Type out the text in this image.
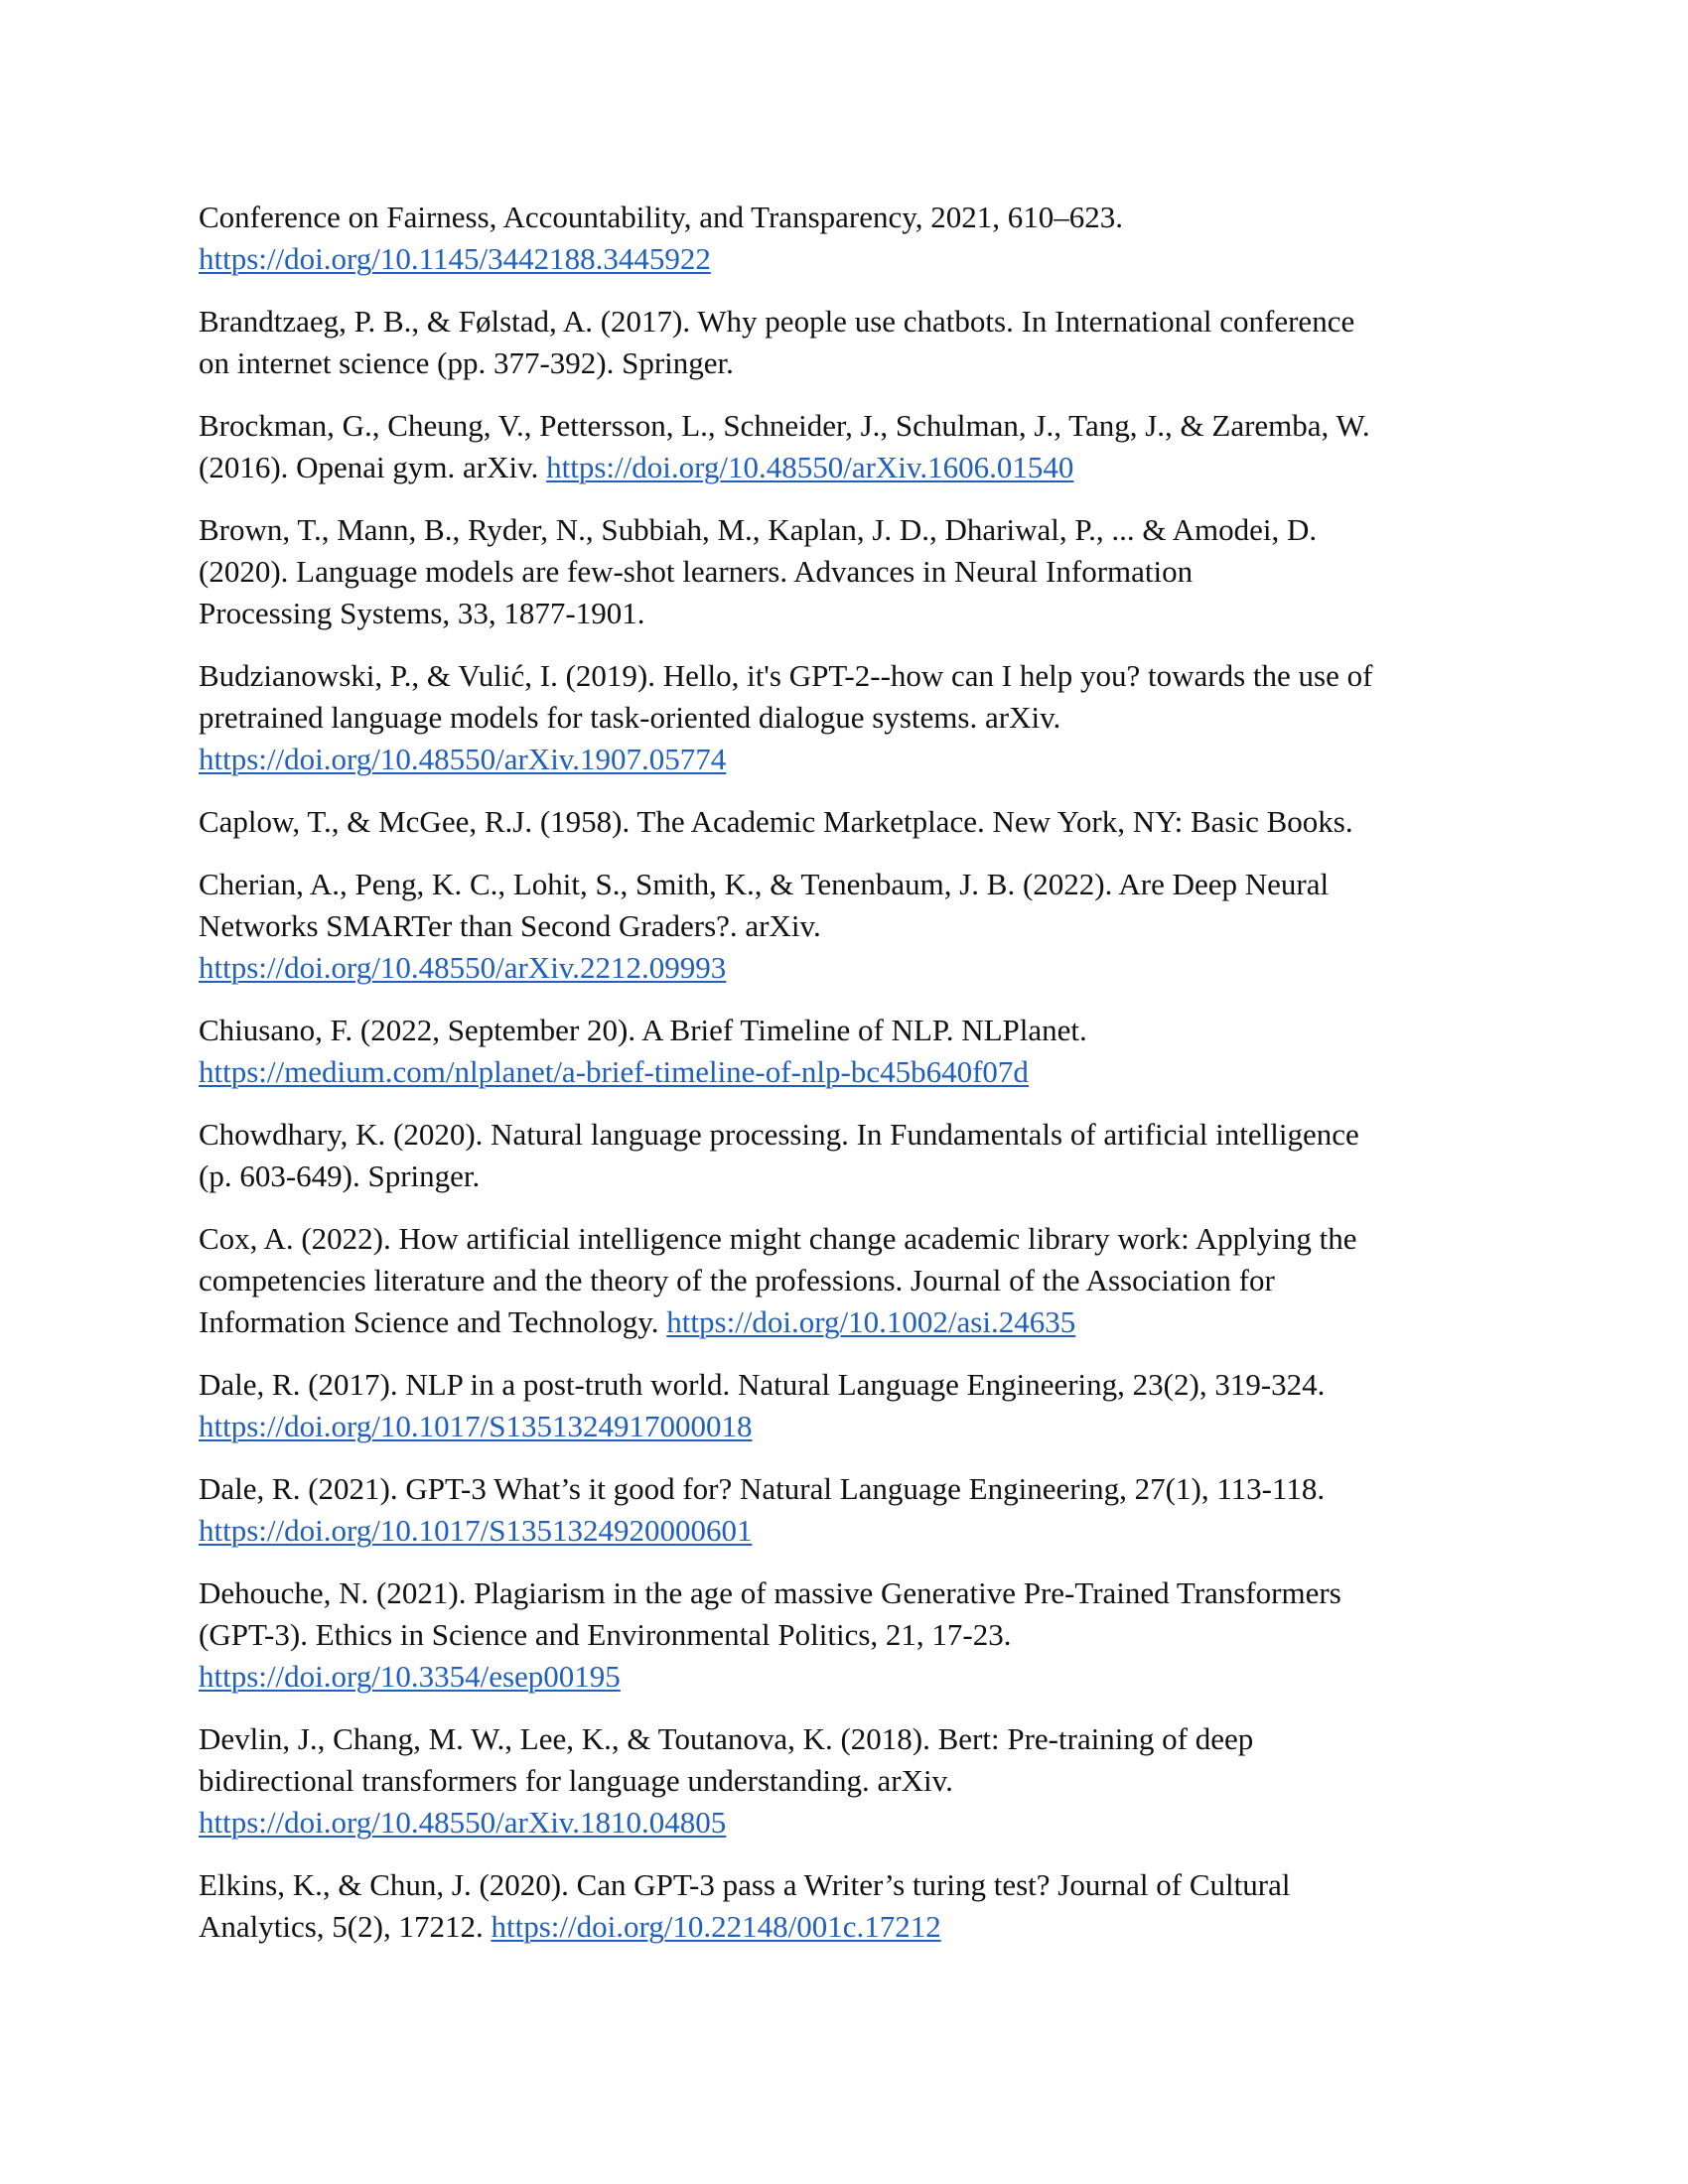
Conference on Fairness, Accountability, and Transparency, 2021, 610–623.
https://doi.org/10.1145/3442188.3445922
Brandtzaeg, P. B., & Følstad, A. (2017). Why people use chatbots. In International conference
on internet science (pp. 377-392). Springer.
Brockman, G., Cheung, V., Pettersson, L., Schneider, J., Schulman, J., Tang, J., & Zaremba, W.
(2016). Openai gym. arXiv. https://doi.org/10.48550/arXiv.1606.01540
Brown, T., Mann, B., Ryder, N., Subbiah, M., Kaplan, J. D., Dhariwal, P., ... & Amodei, D.
(2020). Language models are few-shot learners. Advances in Neural Information
Processing Systems, 33, 1877-1901.
Budzianowski, P., & Vulić, I. (2019). Hello, it's GPT-2--how can I help you? towards the use of
pretrained language models for task-oriented dialogue systems. arXiv.
https://doi.org/10.48550/arXiv.1907.05774
Caplow, T., & McGee, R.J. (1958). The Academic Marketplace. New York, NY: Basic Books.
Cherian, A., Peng, K. C., Lohit, S., Smith, K., & Tenenbaum, J. B. (2022). Are Deep Neural
Networks SMARTer than Second Graders?. arXiv.
https://doi.org/10.48550/arXiv.2212.09993
Chiusano, F. (2022, September 20). A Brief Timeline of NLP. NLPlanet.
https://medium.com/nlplanet/a-brief-timeline-of-nlp-bc45b640f07d
Chowdhary, K. (2020). Natural language processing. In Fundamentals of artificial intelligence
(p. 603-649). Springer.
Cox, A. (2022). How artificial intelligence might change academic library work: Applying the
competencies literature and the theory of the professions. Journal of the Association for
Information Science and Technology. https://doi.org/10.1002/asi.24635
Dale, R. (2017). NLP in a post-truth world. Natural Language Engineering, 23(2), 319-324.
https://doi.org/10.1017/S1351324917000018
Dale, R. (2021). GPT-3 What’s it good for? Natural Language Engineering, 27(1), 113-118.
https://doi.org/10.1017/S1351324920000601
Dehouche, N. (2021). Plagiarism in the age of massive Generative Pre-Trained Transformers
(GPT-3). Ethics in Science and Environmental Politics, 21, 17-23.
https://doi.org/10.3354/esep00195
Devlin, J., Chang, M. W., Lee, K., & Toutanova, K. (2018). Bert: Pre-training of deep
bidirectional transformers for language understanding. arXiv.
https://doi.org/10.48550/arXiv.1810.04805
Elkins, K., & Chun, J. (2020). Can GPT-3 pass a Writer’s turing test? Journal of Cultural
Analytics, 5(2), 17212. https://doi.org/10.22148/001c.17212
